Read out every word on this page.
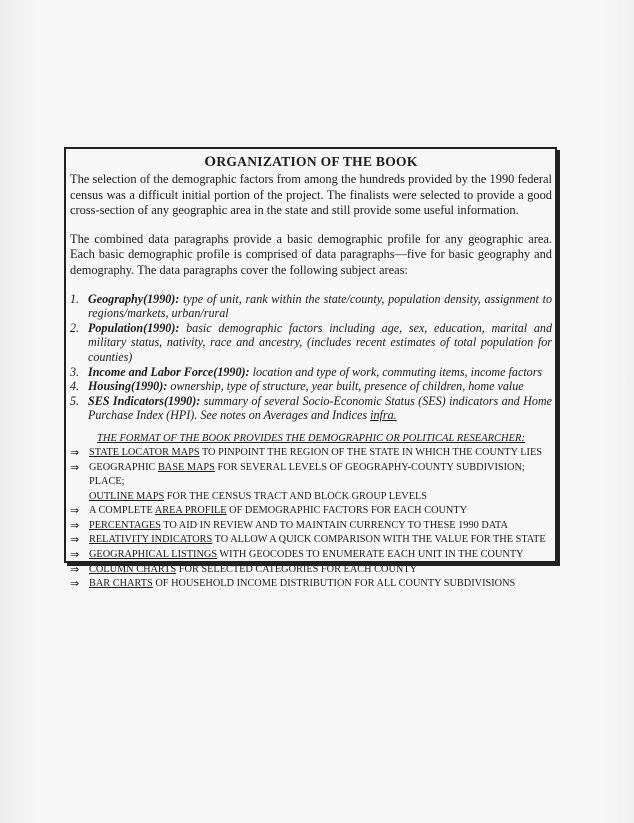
ORGANIZATION OF THE BOOK

The selection of the demographic factors from among the hundreds provided by the 1990 federal census was a difficult initial portion of the project. The finalists were selected to provide a good cross-section of any geographic area in the state and still provide some useful information.

The combined data paragraphs provide a basic demographic profile for any geographic area. Each basic demographic profile is comprised of data paragraphs—five for basic geography and demography. The data paragraphs cover the following subject areas:

1. Geography(1990): type of unit, rank within the state/county, population density, assignment to regions/markets, urban/rural
2. Population(1990): basic demographic factors including age, sex, education, marital and military status, nativity, race and ancestry, (includes recent estimates of total population for counties)
3. Income and Labor Force(1990): location and type of work, commuting items, income factors
4. Housing(1990): ownership, type of structure, year built, presence of children, home value
5. SES Indicators(1990): summary of several Socio-Economic Status (SES) indicators and Home Purchase Index (HPI). See notes on Averages and Indices infra.
THE FORMAT OF THE BOOK PROVIDES THE DEMOGRAPHIC OR POLITICAL RESEARCHER:
⇒ STATE LOCATOR MAPS TO PINPOINT THE REGION OF THE STATE IN WHICH THE COUNTY LIES
⇒ GEOGRAPHIC BASE MAPS FOR SEVERAL LEVELS OF GEOGRAPHY-COUNTY SUBDIVISION; PLACE;
OUTLINE MAPS FOR THE CENSUS TRACT AND BLOCK GROUP LEVELS
⇒ A COMPLETE AREA PROFILE OF DEMOGRAPHIC FACTORS FOR EACH COUNTY
⇒ PERCENTAGES TO AID IN REVIEW AND TO MAINTAIN CURRENCY TO THESE 1990 DATA
⇒ RELATIVITY INDICATORS TO ALLOW A QUICK COMPARISON WITH THE VALUE FOR THE STATE
⇒ GEOGRAPHICAL LISTINGS WITH GEOCODES TO ENUMERATE EACH UNIT IN THE COUNTY
⇒ COLUMN CHARTS FOR SELECTED CATEGORIES FOR EACH COUNTY
⇒ BAR CHARTS OF HOUSEHOLD INCOME DISTRIBUTION FOR ALL COUNTY SUBDIVISIONS
